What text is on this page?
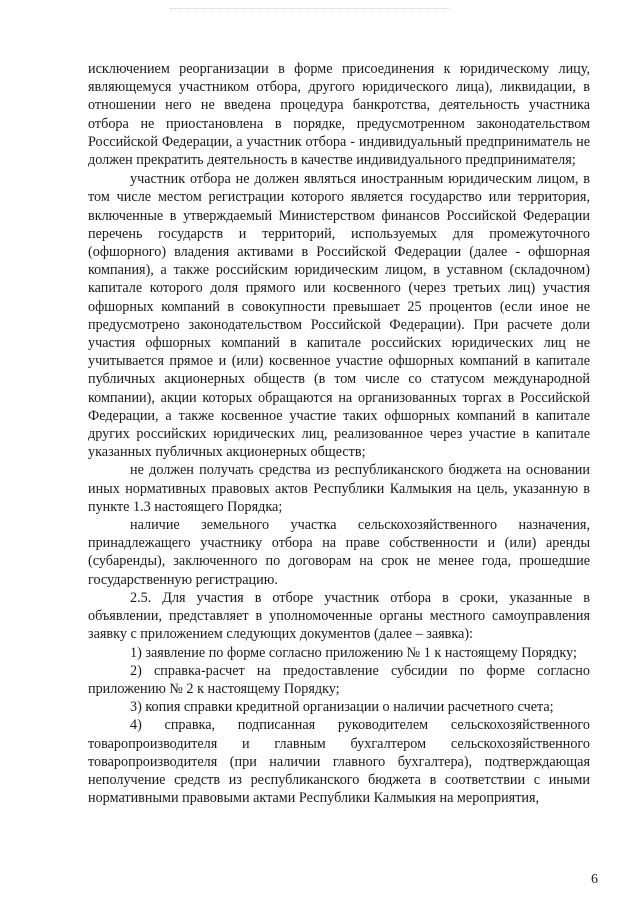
исключением реорганизации в форме присоединения к юридическому лицу, являющемуся участником отбора, другого юридического лица), ликвидации, в отношении него не введена процедура банкротства, деятельность участника отбора не приостановлена в порядке, предусмотренном законодательством Российской Федерации, а участник отбора - индивидуальный предприниматель не должен прекратить деятельность в качестве индивидуального предпринимателя;

участник отбора не должен являться иностранным юридическим лицом, в том числе местом регистрации которого является государство или территория, включенные в утверждаемый Министерством финансов Российской Федерации перечень государств и территорий, используемых для промежуточного (офшорного) владения активами в Российской Федерации (далее - офшорная компания), а также российским юридическим лицом, в уставном (складочном) капитале которого доля прямого или косвенного (через третьих лиц) участия офшорных компаний в совокупности превышает 25 процентов (если иное не предусмотрено законодательством Российской Федерации). При расчете доли участия офшорных компаний в капитале российских юридических лиц не учитывается прямое и (или) косвенное участие офшорных компаний в капитале публичных акционерных обществ (в том числе со статусом международной компании), акции которых обращаются на организованных торгах в Российской Федерации, а также косвенное участие таких офшорных компаний в капитале других российских юридических лиц, реализованное через участие в капитале указанных публичных акционерных обществ;

не должен получать средства из республиканского бюджета на основании иных нормативных правовых актов Республики Калмыкия на цель, указанную в пункте 1.3 настоящего Порядка;

наличие земельного участка сельскохозяйственного назначения, принадлежащего участнику отбора на праве собственности и (или) аренды (субаренды), заключенного по договорам на срок не менее года, прошедшие государственную регистрацию.

2.5. Для участия в отборе участник отбора в сроки, указанные в объявлении, представляет в уполномоченные органы местного самоуправления заявку с приложением следующих документов (далее – заявка):

1) заявление по форме согласно приложению № 1 к настоящему Порядку;

2) справка-расчет на предоставление субсидии по форме согласно приложению № 2 к настоящему Порядку;

3) копия справки кредитной организации о наличии расчетного счета;

4) справка, подписанная руководителем сельскохозяйственного товаропроизводителя и главным бухгалтером сельскохозяйственного товаропроизводителя (при наличии главного бухгалтера), подтверждающая неполучение средств из республиканского бюджета в соответствии с иными нормативными правовыми актами Республики Калмыкия на мероприятия,

6
